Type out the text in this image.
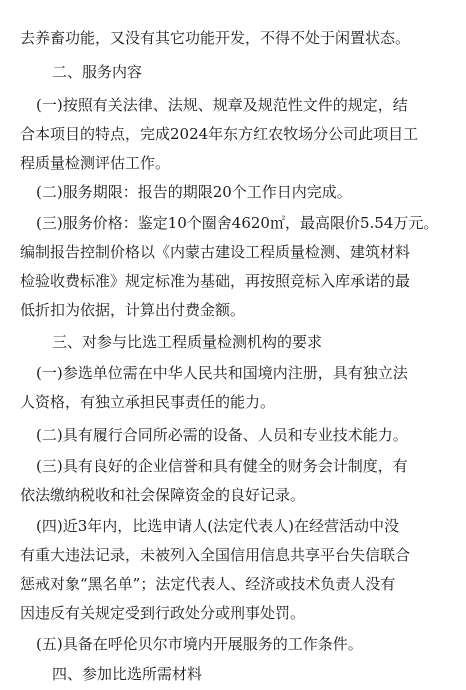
去养畜功能，又没有其它功能开发，不得不处于闲置状态。
二、服务内容
(一)按照有关法律、法规、规章及规范性文件的规定，结
合本项目的特点，完成2024年东方红农牧场分公司此项目工
程质量检测评估工作。
(二)服务期限：报告的期限20个工作日内完成。
(三)服务价格：鉴定10个圈舍4620㎡，最高限价5.54万元。
编制报告控制价格以《内蒙古建设工程质量检测、建筑材料
检验收费标准》规定标准为基础，再按照竞标入库承诺的最
低折扣为依据，计算出付费金额。
三、对参与比选工程质量检测机构的要求
(一)参选单位需在中华人民共和国境内注册，具有独立法
人资格，有独立承担民事责任的能力。
(二)具有履行合同所必需的设备、人员和专业技术能力。
(三)具有良好的企业信誉和具有健全的财务会计制度，有
依法缴纳税收和社会保障资金的良好记录。
(四)近3年内，比选申请人(法定代表人)在经营活动中没
有重大违法记录，未被列入全国信用信息共享平台失信联合
惩戒对象“黑名单”；法定代表人、经济或技术负责人没有
因违反有关规定受到行政处分或刑事处罚。
(五)具备在呼伦贝尔市境内开展服务的工作条件。
四、参加比选所需材料
